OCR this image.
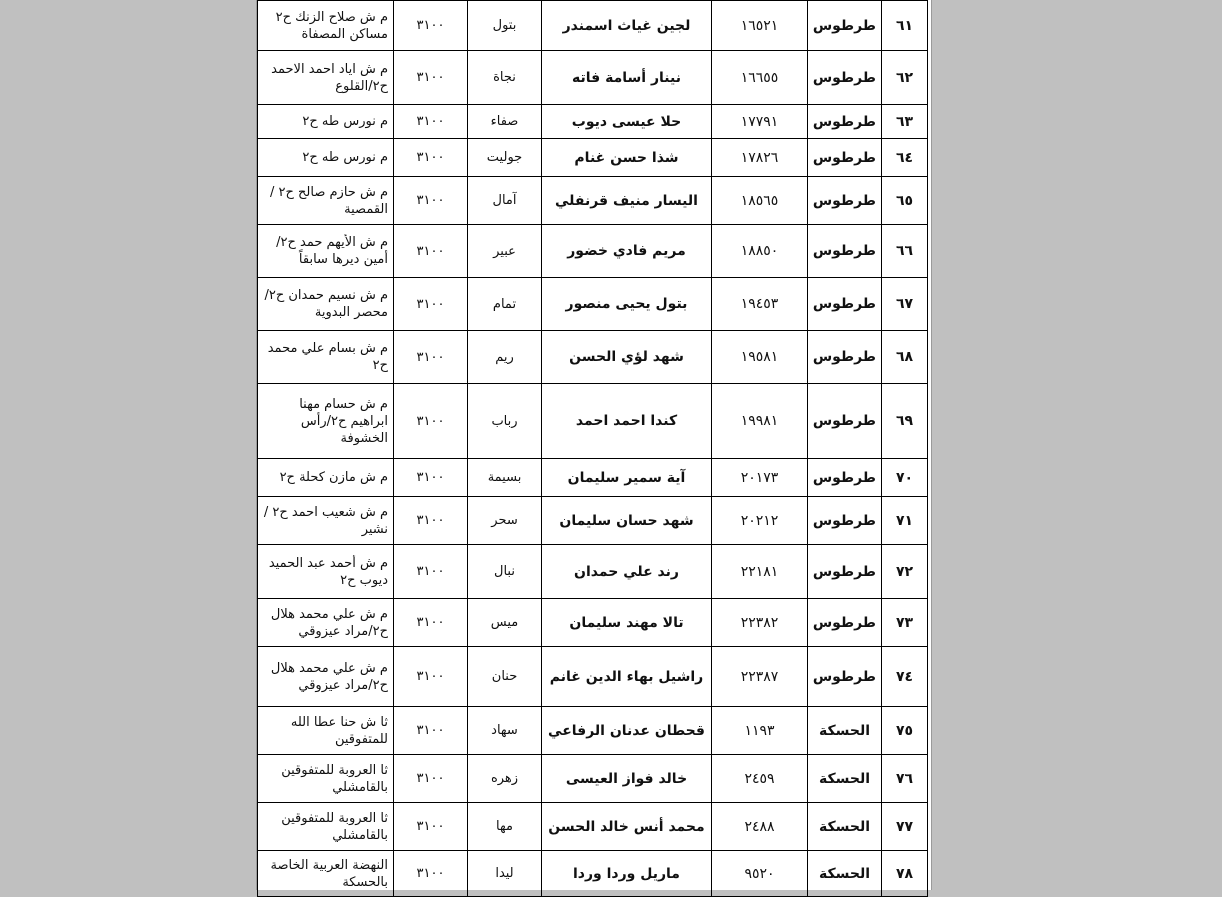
٦١	طرطوس	١٦٥٢١	لجين غياث اسمندر	بتول	٣١٠٠	م ش صلاح الزنك ح٢ مساكن المصفاة

٦٢	طرطوس	١٦٦٥٥	نينار أسامة فاته	نجاة	٣١٠٠	م ش اياد احمد الاحمد ح٢/القلوع

٦٣	طرطوس	١٧٧٩١	حلا عيسى ديوب	صفاء	٣١٠٠	م نورس طه ح٢

٦٤	طرطوس	١٧٨٢٦	شذا حسن غنام	جوليت	٣١٠٠	م نورس طه ح٢

٦٥	طرطوس	١٨٥٦٥	اليسار منيف قرنفلي	آمال	٣١٠٠	م ش حازم صالح ح٢ /القمصية

٦٦	طرطوس	١٨٨٥٠	مريم فادي خضور	عبير	٣١٠٠	م ش الأيهم حمد ح٢/أمين ديرها سابقاً

٦٧	طرطوس	١٩٤٥٣	بتول يحيى منصور	تمام	٣١٠٠	م ش نسيم حمدان ح٢/ محصر البدوية

٦٨	طرطوس	١٩٥٨١	شهد لؤي الحسن	ريم	٣١٠٠	م ش بسام علي محمد ح٢

٦٩	طرطوس	١٩٩٨١	كندا احمد احمد	رباب	٣١٠٠	م ش حسام مهنا ابراهيم ح٢/رأس الخشوفة

٧٠	طرطوس	٢٠١٧٣	آية سمير سليمان	بسيمة	٣١٠٠	م ش مازن كحلة ح٢

٧١	طرطوس	٢٠٢١٢	شهد حسان سليمان	سحر	٣١٠٠	م ش شعيب احمد ح٢ /نشير

٧٢	طرطوس	٢٢١٨١	رند علي حمدان	نبال	٣١٠٠	م ش أحمد عبد الحميد ديوب ح٢

٧٣	طرطوس	٢٢٣٨٢	تالا مهند سليمان	ميس	٣١٠٠	م ش علي محمد هلال ح٢/مراد عيزوقي

٧٤	طرطوس	٢٢٣٨٧	راشيل بهاء الدين غانم	حنان	٣١٠٠	م ش علي محمد هلال ح٢/مراد عيزوقي

٧٥	الحسكة	١١٩٣	قحطان عدنان الرفاعي	سهاد	٣١٠٠	ثا ش حنا عطا الله للمتفوقين

٧٦	الحسكة	٢٤٥٩	خالد فواز العيسى	زهره	٣١٠٠	ثا العروبة للمتفوقين بالقامشلي

٧٧	الحسكة	٢٤٨٨	محمد أنس خالد الحسن	مها	٣١٠٠	ثا العروبة للمتفوقين بالقامشلي

٧٨	الحسكة	٩٥٢٠	ماريل وردا وردا	ليدا	٣١٠٠	النهضة العربية الخاصة بالحسكة
